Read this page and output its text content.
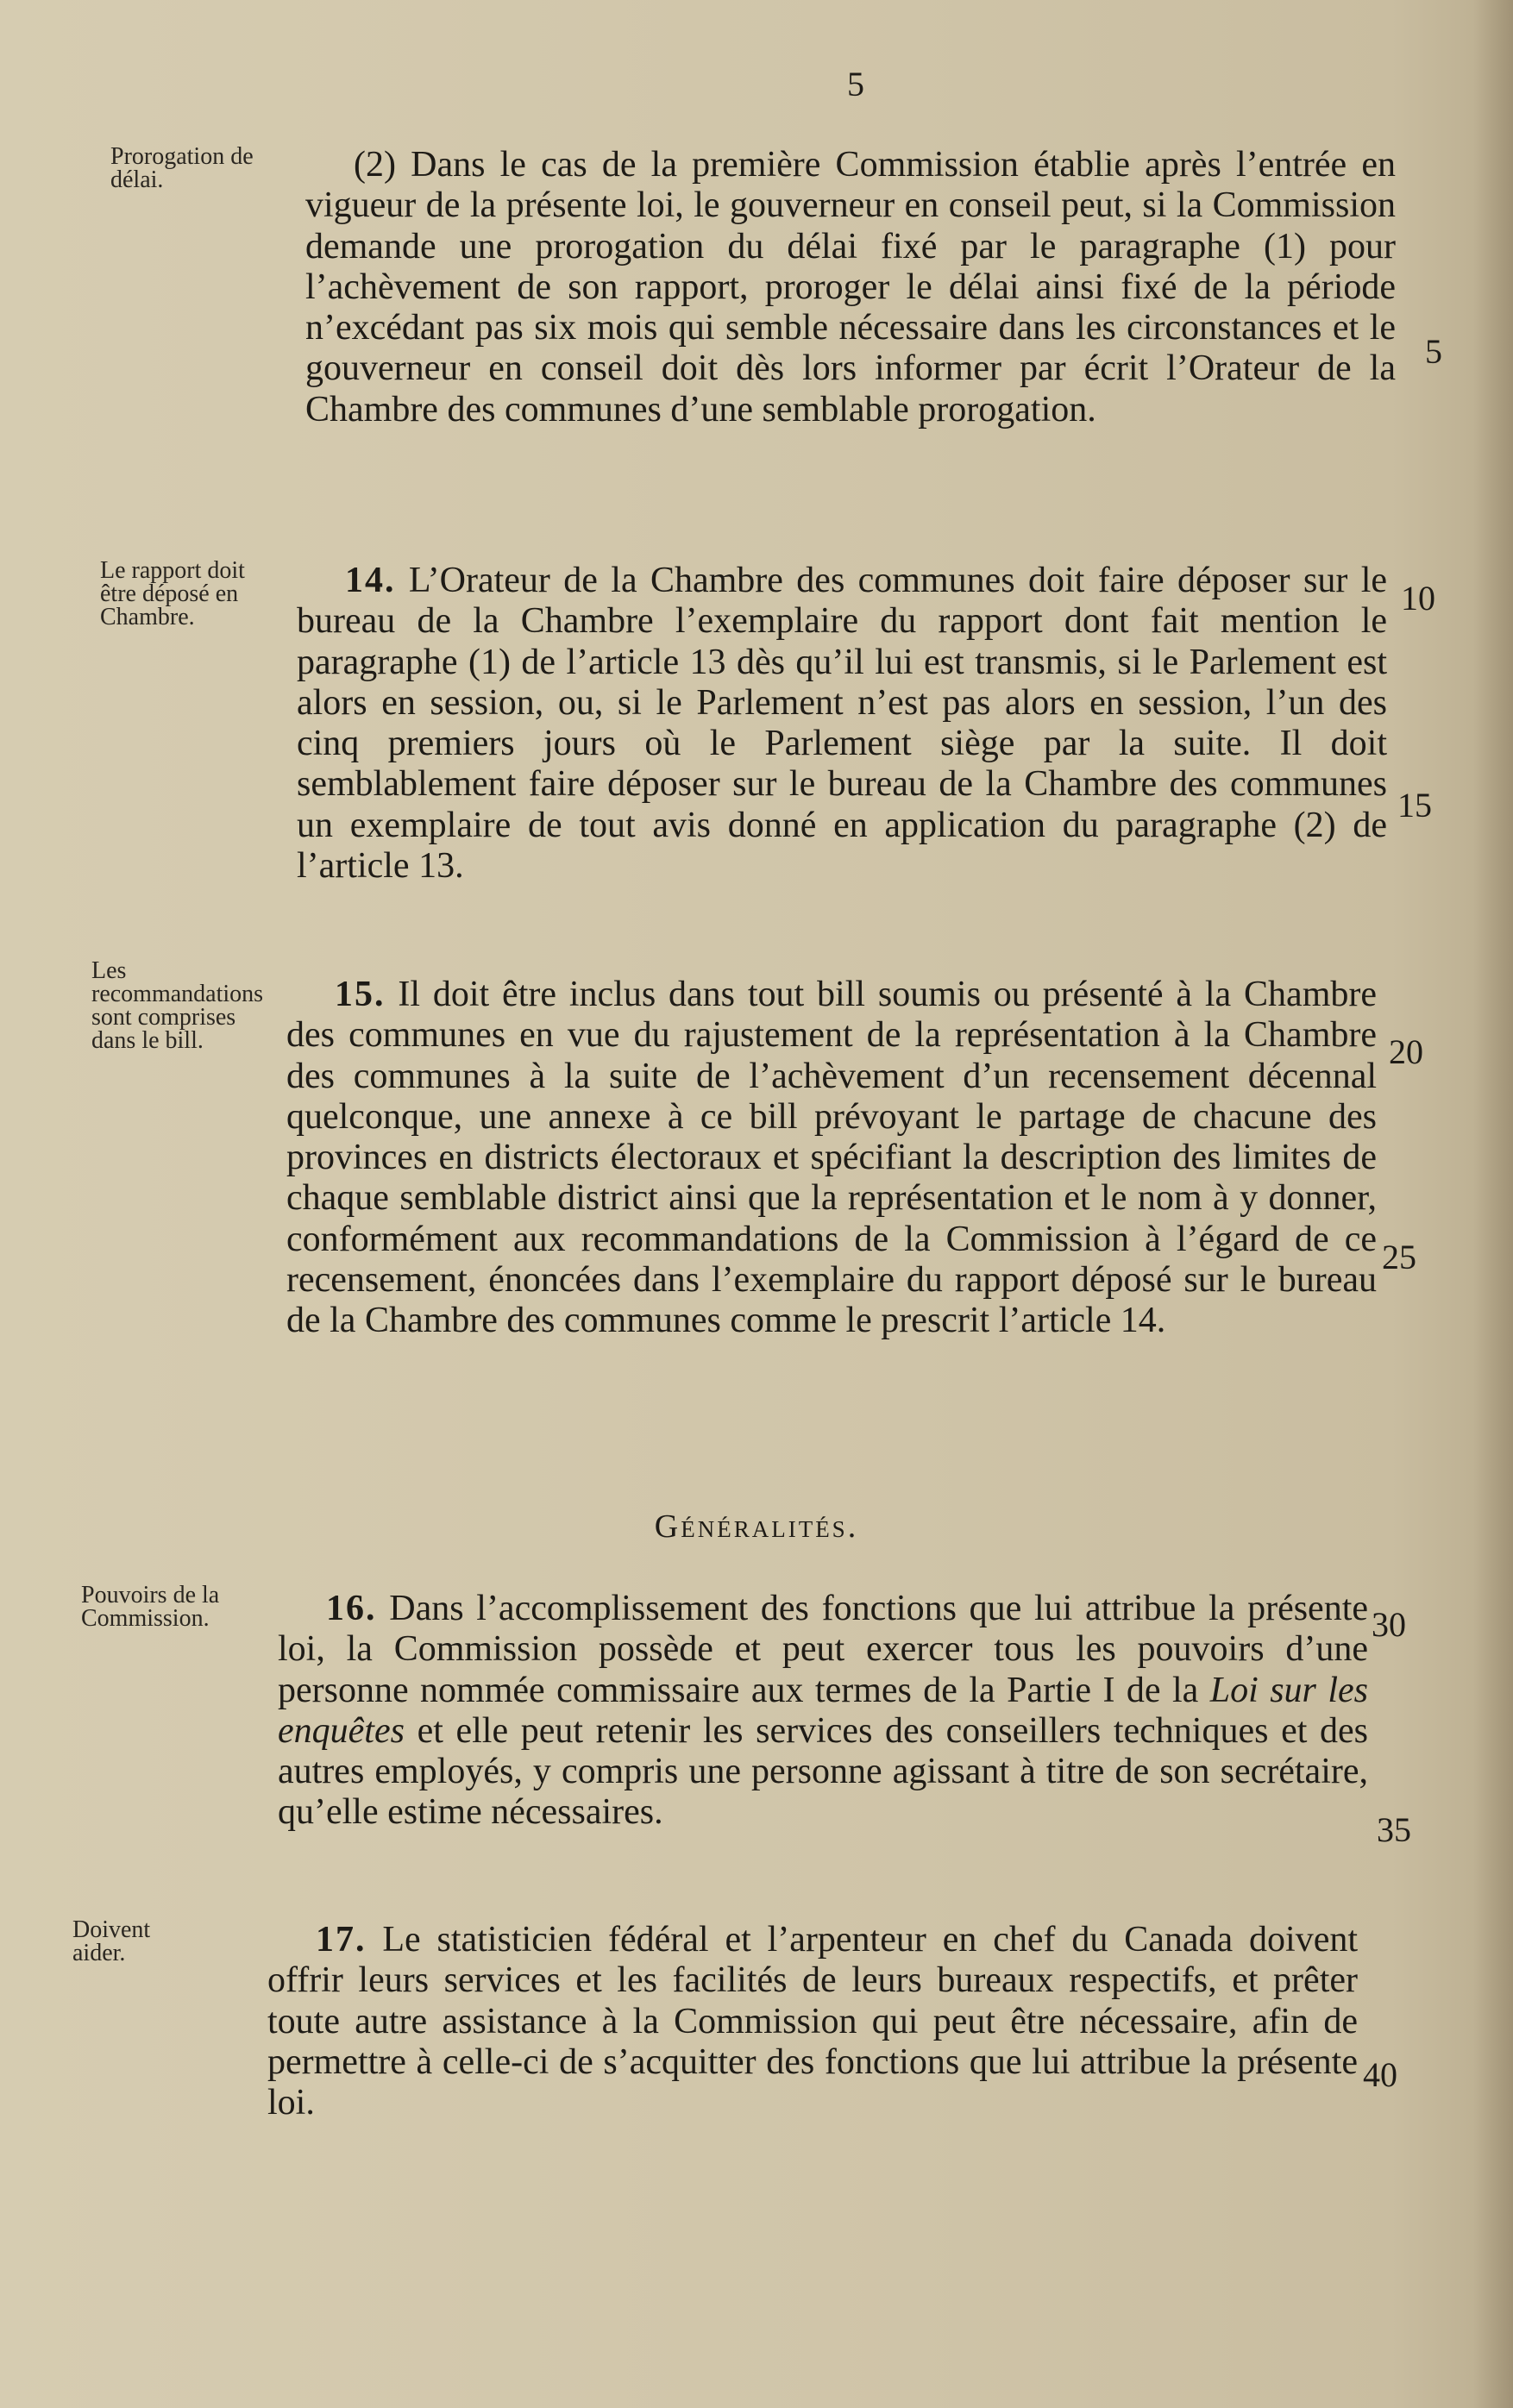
5
Prorogation de délai.
Le rapport doit être déposé en Chambre.
Les recommandations sont comprises dans le bill.
Pouvoirs de la Commission.
Doivent aider.
(2) Dans le cas de la première Commission établie après l’entrée en vigueur de la présente loi, le gouverneur en conseil peut, si la Commission demande une prorogation du délai fixé par le paragraphe (1) pour l’achèvement de son rapport, proroger le délai ainsi fixé de la période n’excédant pas six mois qui semble nécessaire dans les circonstances et le gouverneur en conseil doit dès lors informer par écrit l’Orateur de la Chambre des communes d’une semblable prorogation.
14. L’Orateur de la Chambre des communes doit faire déposer sur le bureau de la Chambre l’exemplaire du rapport dont fait mention le paragraphe (1) de l’article 13 dès qu’il lui est transmis, si le Parlement est alors en session, ou, si le Parlement n’est pas alors en session, l’un des cinq premiers jours où le Parlement siège par la suite. Il doit semblablement faire déposer sur le bureau de la Chambre des communes un exemplaire de tout avis donné en application du paragraphe (2) de l’article 13.
15. Il doit être inclus dans tout bill soumis ou présenté à la Chambre des communes en vue du rajustement de la représentation à la Chambre des communes à la suite de l’achèvement d’un recensement décennal quelconque, une annexe à ce bill prévoyant le partage de chacune des provinces en districts électoraux et spécifiant la description des limites de chaque semblable district ainsi que la représentation et le nom à y donner, conformément aux recommandations de la Commission à l’égard de ce recensement, énoncées dans l’exemplaire du rapport déposé sur le bureau de la Chambre des communes comme le prescrit l’article 14.
Généralités.
16. Dans l’accomplissement des fonctions que lui attribue la présente loi, la Commission possède et peut exercer tous les pouvoirs d’une personne nommée commissaire aux termes de la Partie I de la Loi sur les enquêtes et elle peut retenir les services des conseillers techniques et des autres employés, y compris une personne agissant à titre de son secrétaire, qu’elle estime nécessaires.
17. Le statisticien fédéral et l’arpenteur en chef du Canada doivent offrir leurs services et les facilités de leurs bureaux respectifs, et prêter toute autre assistance à la Commission qui peut être nécessaire, afin de permettre à celle-ci de s’acquitter des fonctions que lui attribue la présente loi.
5
10
15
20
25
30
35
40
